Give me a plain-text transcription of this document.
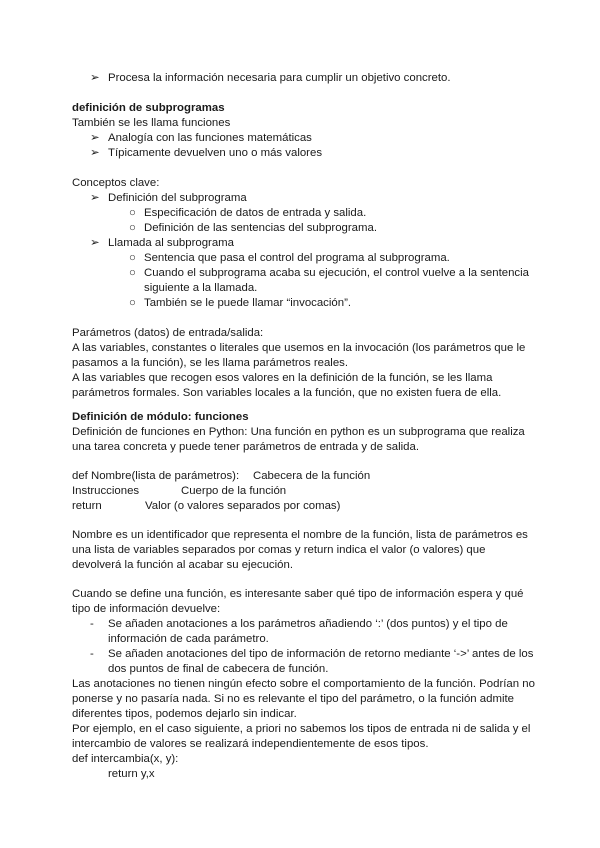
➢ Procesa la información necesaria para cumplir un objetivo concreto.
definición de subprogramas
También se les llama funciones
➢ Analogía con las funciones matemáticas
➢ Típicamente devuelven uno o más valores
Conceptos clave:
➢ Definición del subprograma
○ Especificación de datos de entrada y salida.
○ Definición de las sentencias del subprograma.
➢ Llamada al subprograma
○ Sentencia que pasa el control del programa al subprograma.
○ Cuando el subprograma acaba su ejecución, el control vuelve a la sentencia
siguiente a la llamada.
○ También se le puede llamar “invocación”.
Parámetros (datos) de entrada/salida:
A las variables, constantes o literales que usemos en la invocación (los parámetros que le
pasamos a la función), se les llama parámetros reales.
A las variables que recogen esos valores en la definición de la función, se les llama
parámetros formales. Son variables locales a la función, que no existen fuera de ella.
Definición de módulo: funciones
Definición de funciones en Python: Una función en python es un subprograma que realiza
una tarea concreta y puede tener parámetros de entrada y de salida.
def Nombre(lista de parámetros): Cabecera de la función
Instrucciones	Cuerpo de la función
return	Valor (o valores separados por comas)
Nombre es un identificador que representa el nombre de la función, lista de parámetros es
una lista de variables separados por comas y return indica el valor (o valores) que
devolverá la función al acabar su ejecución.
Cuando se define una función, es interesante saber qué tipo de información espera y qué
tipo de información devuelve:
- Se añaden anotaciones a los parámetros añadiendo ‘:’ (dos puntos) y el tipo de
información de cada parámetro.
- Se añaden anotaciones del tipo de información de retorno mediante ‘->’ antes de los
dos puntos de final de cabecera de función.
Las anotaciones no tienen ningún efecto sobre el comportamiento de la función. Podrían no
ponerse y no pasaría nada. Si no es relevante el tipo del parámetro, o la función admite
diferentes tipos, podemos dejarlo sin indicar.
Por ejemplo, en el caso siguiente, a priori no sabemos los tipos de entrada ni de salida y el
intercambio de valores se realizará independientemente de esos tipos.
def intercambia(x, y):
return y,x
